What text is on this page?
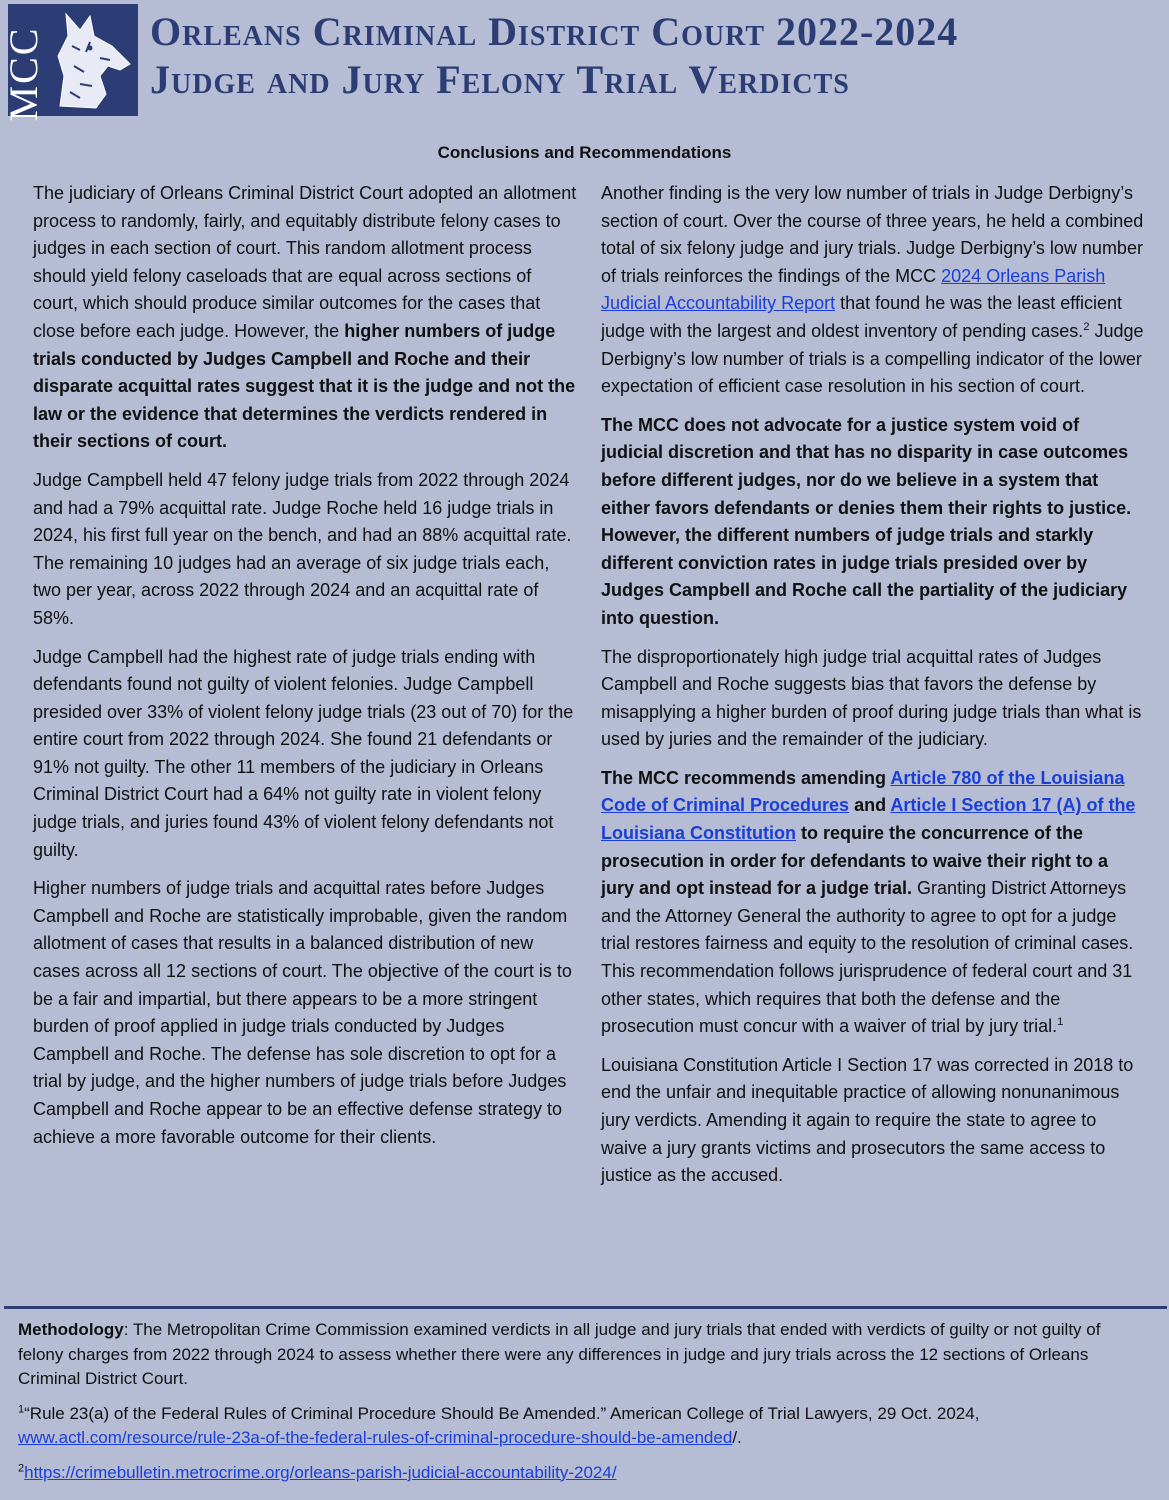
MCC	Orleans Criminal District Court 2022-2024
Judge and Jury Felony Trial Verdicts
Conclusions and Recommendations

The judiciary of Orleans Criminal District Court adopted an allotment process to randomly, fairly, and equitably distribute felony cases to judges in each section of court. This random allotment process should yield felony caseloads that are equal across sections of court, which should produce similar outcomes for the cases that close before each judge. However, the higher numbers of judge trials conducted by Judges Campbell and Roche and their disparate acquittal rates suggest that it is the judge and not the law or the evidence that determines the verdicts rendered in their sections of court.

Judge Campbell held 47 felony judge trials from 2022 through 2024 and had a 79% acquittal rate. Judge Roche held 16 judge trials in 2024, his first full year on the bench, and had an 88% acquittal rate. The remaining 10 judges had an average of six judge trials each, two per year, across 2022 through 2024 and an acquittal rate of 58%.

Judge Campbell had the highest rate of judge trials ending with defendants found not guilty of violent felonies. Judge Campbell presided over 33% of violent felony judge trials (23 out of 70) for the entire court from 2022 through 2024. She found 21 defendants or 91% not guilty. The other 11 members of the judiciary in Orleans Criminal District Court had a 64% not guilty rate in violent felony judge trials, and juries found 43% of violent felony defendants not guilty.

Higher numbers of judge trials and acquittal rates before Judges Campbell and Roche are statistically improbable, given the random allotment of cases that results in a balanced distribution of new cases across all 12 sections of court. The objective of the court is to be a fair and impartial, but there appears to be a more stringent burden of proof applied in judge trials conducted by Judges Campbell and Roche. The defense has sole discretion to opt for a trial by judge, and the higher numbers of judge trials before Judges Campbell and Roche appear to be an effective defense strategy to achieve a more favorable outcome for their clients.

Another finding is the very low number of trials in Judge Derbigny’s section of court. Over the course of three years, he held a combined total of six felony judge and jury trials. Judge Derbigny’s low number of trials reinforces the findings of the MCC 2024 Orleans Parish Judicial Accountability Report that found he was the least efficient judge with the largest and oldest inventory of pending cases.$^2$ Judge Derbigny’s low number of trials is a compelling indicator of the lower expectation of efficient case resolution in his section of court.

The MCC does not advocate for a justice system void of judicial discretion and that has no disparity in case outcomes before different judges, nor do we believe in a system that either favors defendants or denies them their rights to justice. However, the different numbers of judge trials and starkly different conviction rates in judge trials presided over by Judges Campbell and Roche call the partiality of the judiciary into question.

The disproportionately high judge trial acquittal rates of Judges Campbell and Roche suggests bias that favors the defense by misapplying a higher burden of proof during judge trials than what is used by juries and the remainder of the judiciary.

The MCC recommends amending Article 780 of the Louisiana Code of Criminal Procedures and Article I Section 17 (A) of the Louisiana Constitution to require the concurrence of the prosecution in order for defendants to waive their right to a jury and opt instead for a judge trial. Granting District Attorneys and the Attorney General the authority to agree to opt for a judge trial restores fairness and equity to the resolution of criminal cases. This recommendation follows jurisprudence of federal court and 31 other states, which requires that both the defense and the prosecution must concur with a waiver of trial by jury trial.$^1$

Louisiana Constitution Article I Section 17 was corrected in 2018 to end the unfair and inequitable practice of allowing nonunanimous jury verdicts. Amending it again to require the state to agree to waive a jury grants victims and prosecutors the same access to justice as the accused.

Methodology: The Metropolitan Crime Commission examined verdicts in all judge and jury trials that ended with verdicts of guilty or not guilty of felony charges from 2022 through 2024 to assess whether there were any differences in judge and jury trials across the 12 sections of Orleans Criminal District Court.

$^1$“Rule 23(a) of the Federal Rules of Criminal Procedure Should Be Amended.” American College of Trial Lawyers, 29 Oct. 2024, www.actl.com/resource/rule-23a-of-the-federal-rules-of-criminal-procedure-should-be-amended/.

$^2$https://crimebulletin.metrocrime.org/orleans-parish-judicial-accountability-2024/
